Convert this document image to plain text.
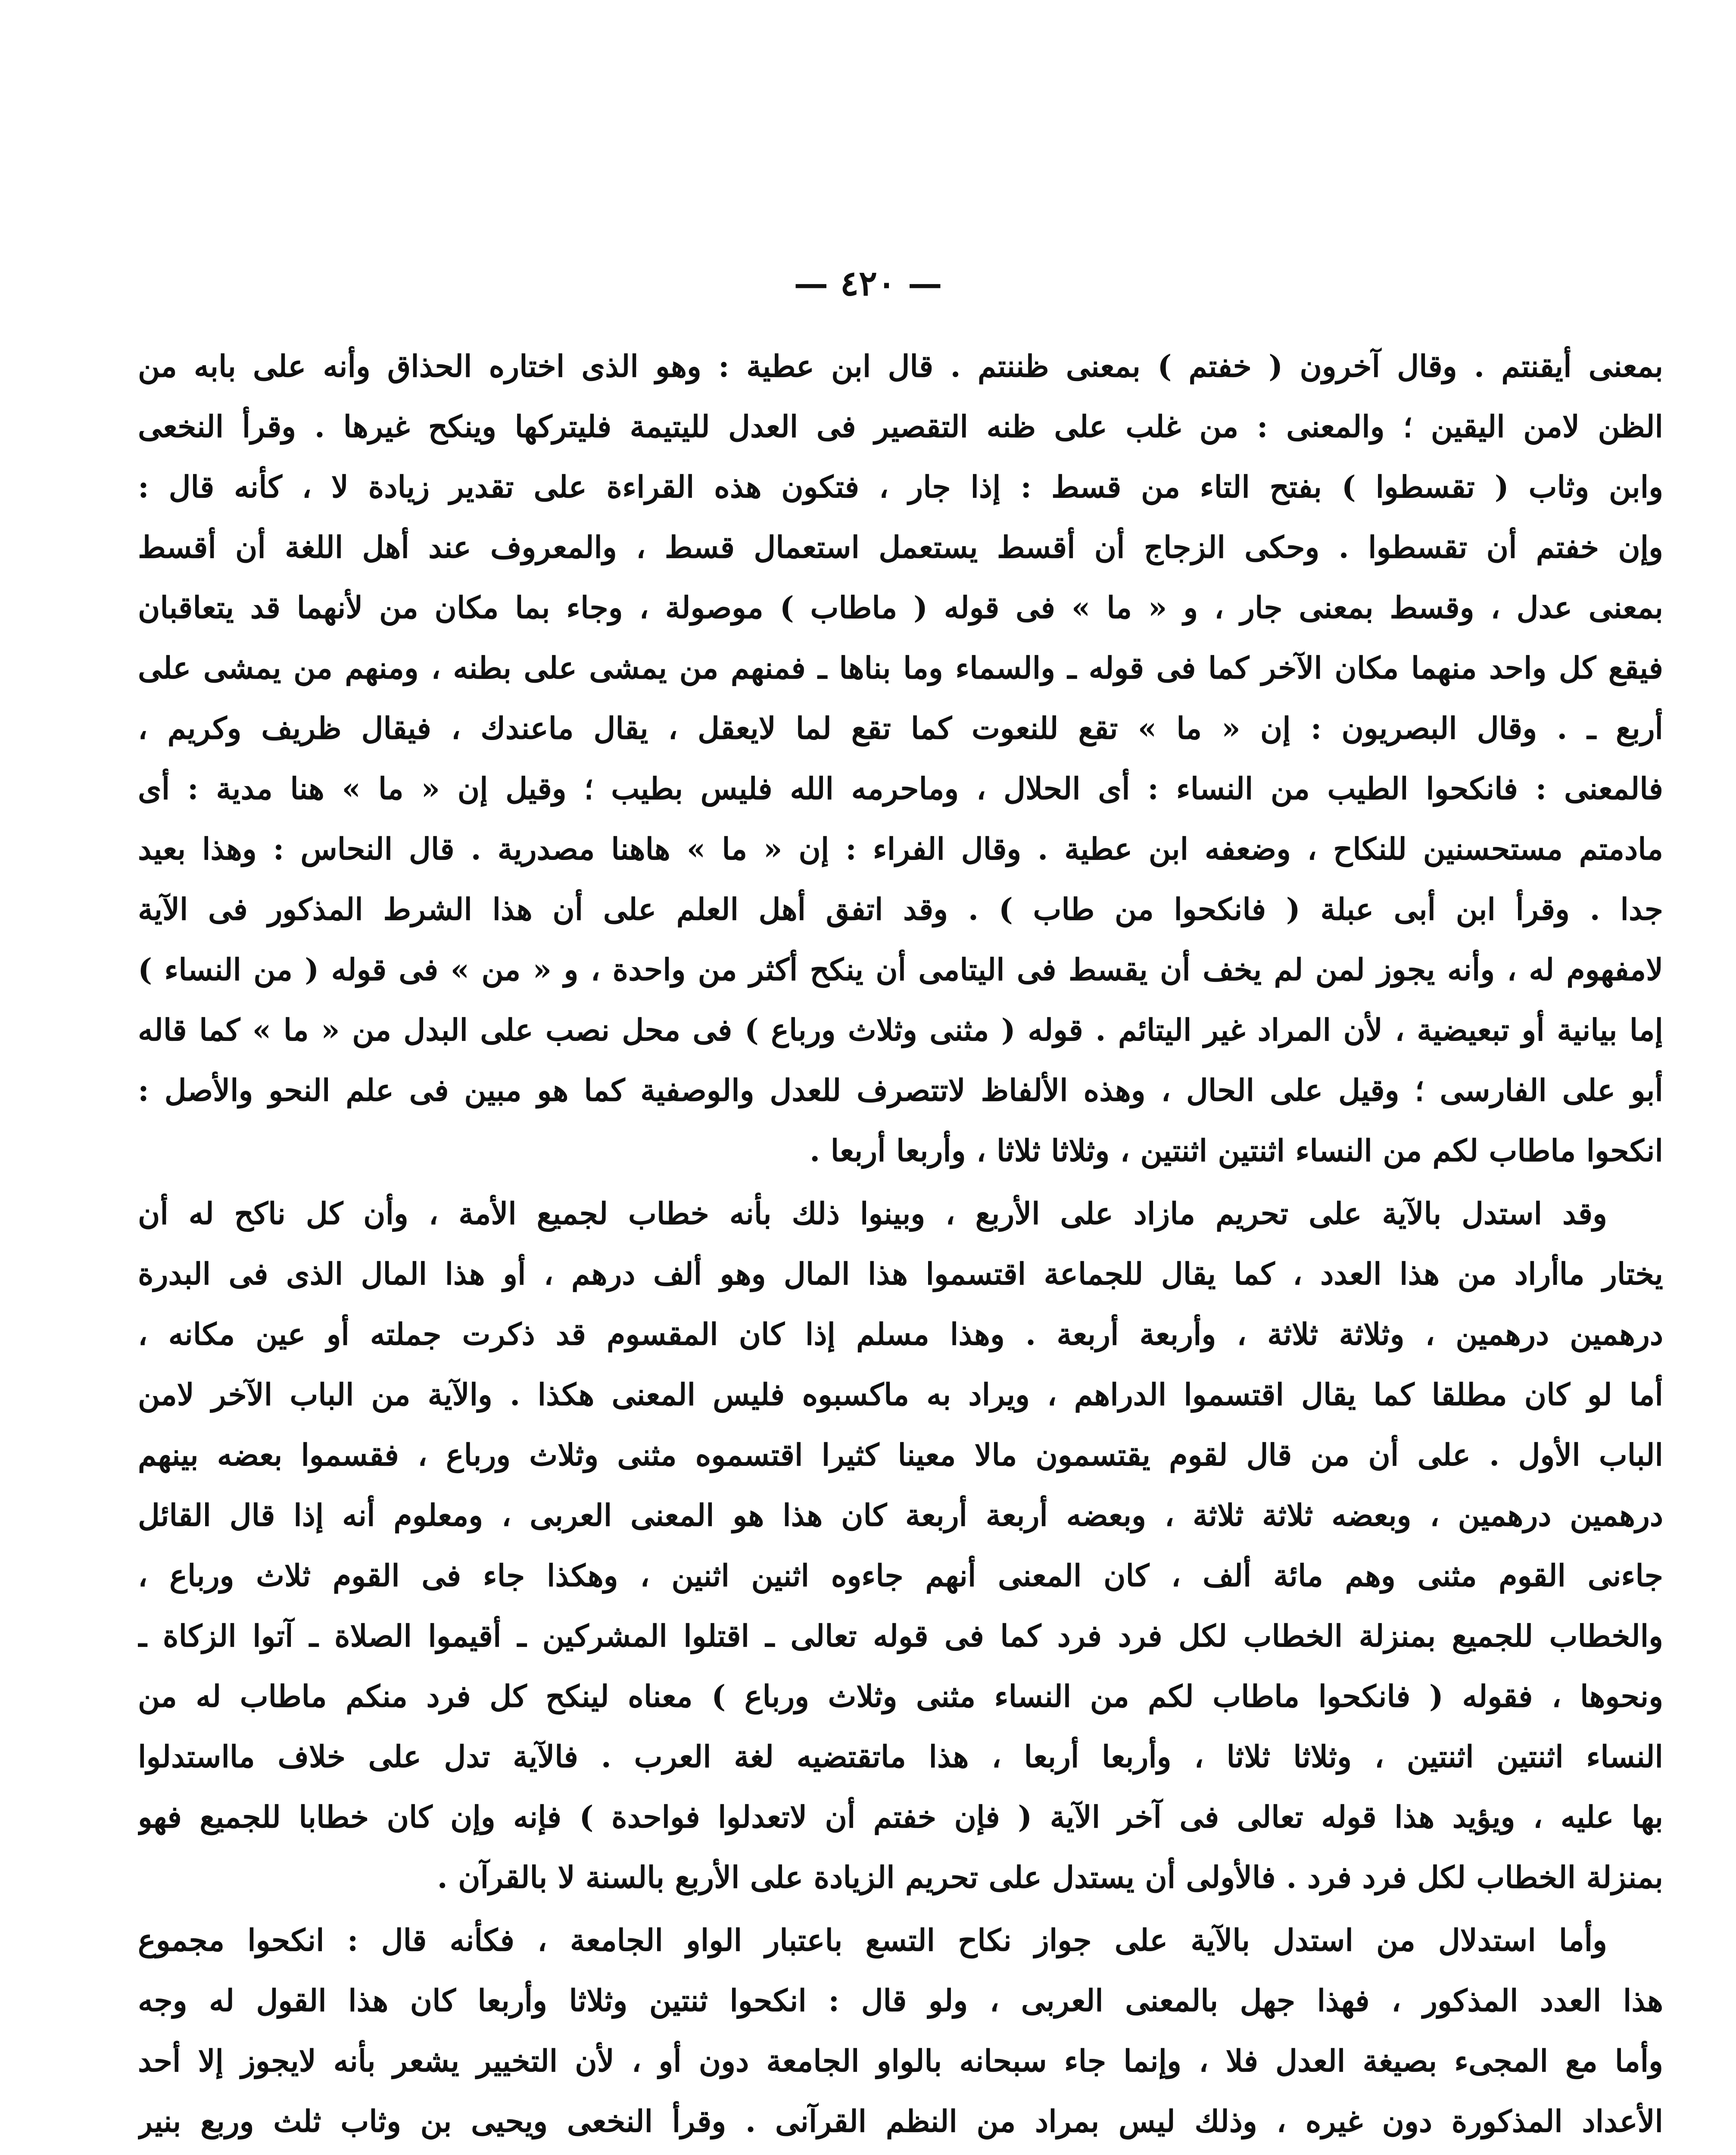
— ٤٢٠ —
بمعنى أيقنتم . وقال آخرون ( خفتم ) بمعنى ظننتم . قال ابن عطية : وهو الذى اختاره الحذاق وأنه على بابه من
الظن لامن اليقين ؛ والمعنى : من غلب على ظنه التقصير فى العدل لليتيمة فليتركها وينكح غيرها . وقرأ النخعى
وابن وثاب ( تقسطوا ) بفتح التاء من قسط : إذا جار ، فتكون هذه القراءة على تقدير زيادة لا ، كأنه قال :
وإن خفتم أن تقسطوا . وحكى الزجاج أن أقسط يستعمل استعمال قسط ، والمعروف عند أهل اللغة أن أقسط
بمعنى عدل ، وقسط بمعنى جار ، و « ما » فى قوله ( ماطاب ) موصولة ، وجاء بما مكان من لأنهما قد يتعاقبان
فيقع كل واحد منهما مكان الآخر كما فى قوله ـ والسماء وما بناها ـ فمنهم من يمشى على بطنه ، ومنهم من يمشى على
أربع ـ . وقال البصريون : إن « ما » تقع للنعوت كما تقع لما لايعقل ، يقال ماعندك ، فيقال ظريف وكريم ،
فالمعنى : فانكحوا الطيب من النساء : أى الحلال ، وماحرمه الله فليس بطيب ؛ وقيل إن « ما » هنا مدية : أى
مادمتم مستحسنين للنكاح ، وضعفه ابن عطية . وقال الفراء : إن « ما » هاهنا مصدرية . قال النحاس : وهذا بعيد
جدا . وقرأ ابن أبى عبلة ( فانكحوا من طاب ) . وقد اتفق أهل العلم على أن هذا الشرط المذكور فى الآية
لامفهوم له ، وأنه يجوز لمن لم يخف أن يقسط فى اليتامى أن ينكح أكثر من واحدة ، و « من » فى قوله ( من النساء )
إما بيانية أو تبعيضية ، لأن المراد غير اليتائم . قوله ( مثنى وثلاث ورباع ) فى محل نصب على البدل من « ما » كما قاله
أبو على الفارسى ؛ وقيل على الحال ، وهذه الألفاظ لاتتصرف للعدل والوصفية كما هو مبين فى علم النحو والأصل :
انكحوا ماطاب لكم من النساء اثنتين اثنتين ، وثلاثا ثلاثا ، وأربعا أربعا .
وقد استدل بالآية على تحريم مازاد على الأربع ، وبينوا ذلك بأنه خطاب لجميع الأمة ، وأن كل ناكح له أن
يختار ماأراد من هذا العدد ، كما يقال للجماعة اقتسموا هذا المال وهو ألف درهم ، أو هذا المال الذى فى البدرة
درهمين درهمين ، وثلاثة ثلاثة ، وأربعة أربعة . وهذا مسلم إذا كان المقسوم قد ذكرت جملته أو عين مكانه ،
أما لو كان مطلقا كما يقال اقتسموا الدراهم ، ويراد به ماكسبوه فليس المعنى هكذا . والآية من الباب الآخر لامن
الباب الأول . على أن من قال لقوم يقتسمون مالا معينا كثيرا اقتسموه مثنى وثلاث ورباع ، فقسموا بعضه بينهم
درهمين درهمين ، وبعضه ثلاثة ثلاثة ، وبعضه أربعة أربعة كان هذا هو المعنى العربى ، ومعلوم أنه إذا قال القائل
جاءنى القوم مثنى وهم مائة ألف ، كان المعنى أنهم جاءوه اثنين اثنين ، وهكذا جاء فى القوم ثلاث ورباع ،
والخطاب للجميع بمنزلة الخطاب لكل فرد فرد كما فى قوله تعالى ـ اقتلوا المشركين ـ أقيموا الصلاة ـ آتوا الزكاة ـ
ونحوها ، فقوله ( فانكحوا ماطاب لكم من النساء مثنى وثلاث ورباع ) معناه لينكح كل فرد منكم ماطاب له من
النساء اثنتين اثنتين ، وثلاثا ثلاثا ، وأربعا أربعا ، هذا ماتقتضيه لغة العرب . فالآية تدل على خلاف مااستدلوا
بها عليه ، ويؤيد هذا قوله تعالى فى آخر الآية ( فإن خفتم أن لاتعدلوا فواحدة ) فإنه وإن كان خطابا للجميع فهو
بمنزلة الخطاب لكل فرد فرد . فالأولى أن يستدل على تحريم الزيادة على الأربع بالسنة لا بالقرآن .
وأما استدلال من استدل بالآية على جواز نكاح التسع باعتبار الواو الجامعة ، فكأنه قال : انكحوا مجموع
هذا العدد المذكور ، فهذا جهل بالمعنى العربى ، ولو قال : انكحوا ثنتين وثلاثا وأربعا كان هذا القول له وجه
وأما مع المجىء بصيغة العدل فلا ، وإنما جاء سبحانه بالواو الجامعة دون أو ، لأن التخيير يشعر بأنه لايجوز إلا أحد
الأعداد المذكورة دون غيره ، وذلك ليس بمراد من النظم القرآنى . وقرأ النخعى ويحيى بن وثاب ثلث وربع بنير
